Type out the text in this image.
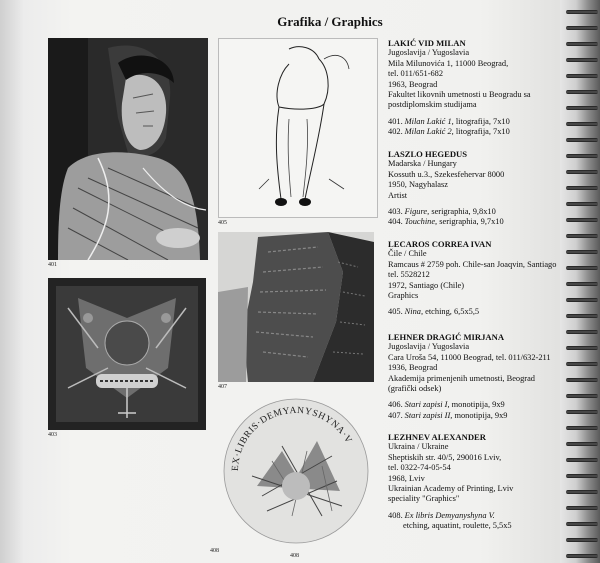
Grafika / Graphics
401
405
407
403
EX·LIBRIS·DEMYANYSHYNA·V
408
LAKIĆ VID MILAN
Jugoslavija / Yugoslavia
Mila Milunovića 1, 11000 Beograd,
tel. 011/651-682
1963, Beograd
Fakultet likovnih umetnosti u Beogradu sa
postdiplomskim studijama
401. Milan Lakić 1, litografija, 7x10
402. Milan Lakić 2, litografija, 7x10
LASZLO HEGEDUS
Madarska / Hungary
Kossuth u.3., Szekesfehervar 8000
1950, Nagyhalasz
Artist
403. Figure, serigraphia, 9,8x10
404. Touchine, serigraphia, 9,7x10
LECAROS CORREA IVAN
Čile / Chile
Ramcaus # 2759 poh. Chile-san Joaqvin, Santiago
tel. 5528212
1972, Santiago (Chile)
Graphics
405. Nina, etching, 6,5x5,5
LEHNER DRAGIĆ MIRJANA
Jugoslavija / Yugoslavia
Cara Uroša 54, 11000 Beograd, tel. 011/632-211
1936, Beograd
Akademija primenjenih umetnosti, Beograd
(grafički odsek)
406. Stari zapisi I, monotipija, 9x9
407. Stari zapisi II, monotipija, 9x9
LEZHNEV ALEXANDER
Ukraina / Ukraine
Sheptiskih str. 40/5, 290016 Lviv,
tel. 0322-74-05-54
1968, Lviv
Ukrainian Academy of Printing, Lviv
speciality "Graphics"
408. Ex libris Demyanyshyna V.
etching, aquatint, roulette, 5,5x5
408
